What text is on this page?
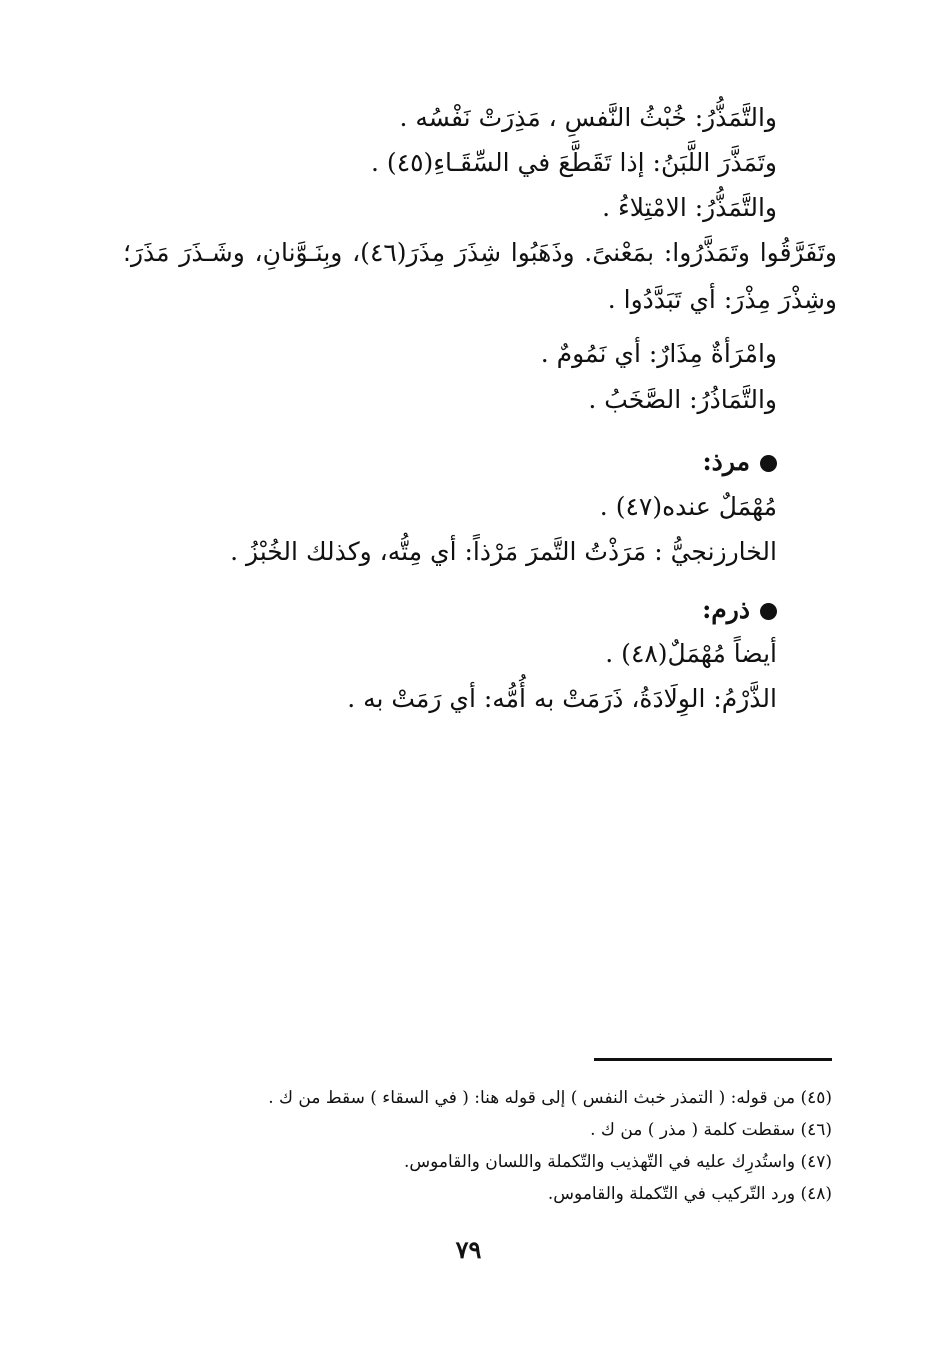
والتَّمَذُّرُ: خُبْثُ النَّفسِ ، مَذِرَتْ نَفْسُه .
وتَمَذَّرَ اللَّبَنُ: إذا تَقَطَّعَ في السِّقَـاءِ(٤٥) .
والتَّمَذُّرُ: الامْتِلاءُ .
وتَفَرَّقُوا وتَمَذَّرُوا: بمَعْنىً. وذَهَبُوا شِذَرَ مِذَرَ(٤٦)، وبِنَـوَّنانِ، وشَـذَرَ مَذَرَ؛
وشِذْرَ مِذْرَ: أي تَبَدَّدُوا .
وامْرَأةٌ مِذَارٌ: أي نَمُومٌ .
والتَّمَاذُرُ: الصَّخَبُ .
مرذ:
مُهْمَلٌ عنده(٤٧) .
الخارزنجيُّ : مَرَذْتُ التَّمرَ مَرْذاً: أي مِتُّه، وكذلك الخُبْزُ .
ذرم:
أيضاً مُهْمَلٌ(٤٨) .
الذَّرْمُ: الوِلَادَةُ، ذَرَمَتْ به أُمُّه: أي رَمَتْ به .
(٤٥) من قوله: ( التمذر خبث النفس ) إلى قوله هنا: ( في السقاء ) سقط من ك .
(٤٦) سقطت كلمة ( مذر ) من ك .
(٤٧) واستُدرِك عليه في التّهذيب والتّكملة واللسان والقاموس.
(٤٨) ورد التّركيب في التّكملة والقاموس.
٧٩
